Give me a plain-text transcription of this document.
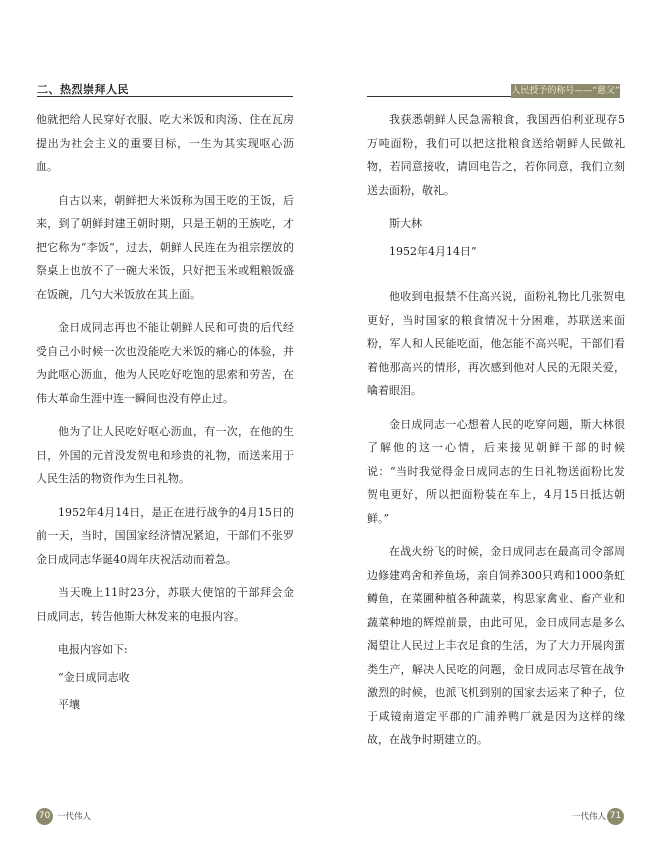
二、热烈崇拜人民

他就把给人民穿好衣服、吃大米饭和肉汤、住在瓦房提出为社会主义的重要目标，一生为其实现呕心沥血。

自古以来，朝鲜把大米饭称为国王吃的王饭，后来，到了朝鲜封建王朝时期，只是王朝的王族吃，才把它称为“李饭”，过去，朝鲜人民连在为祖宗摆放的祭桌上也放不了一碗大米饭，只好把玉米或粗粮饭盛在饭碗，几勺大米饭放在其上面。

金日成同志再也不能让朝鲜人民和可贵的后代经受自己小时候一次也没能吃大米饭的痛心的体验，并为此呕心沥血，他为人民吃好吃饱的思索和劳苦，在伟大革命生涯中连一瞬间也没有停止过。

他为了让人民吃好呕心沥血，有一次，在他的生日，外国的元首没发贺电和珍贵的礼物，而送来用于人民生活的物资作为生日礼物。

1952年4月14日，是正在进行战争的4月15日的前一天，当时，国国家经济情况紧迫，干部们不张罗金日成同志华诞40周年庆祝活动而着急。

当天晚上11时23分，苏联大使馆的干部拜会金日成同志，转告他斯大林发来的电报内容。

电报内容如下:

“金日成同志收

平壤

70 一代伟人
人民授予的称号——“慈父”

我获悉朝鲜人民急需粮食，我国西伯利亚现存5万吨面粉，我们可以把这批粮食送给朝鲜人民做礼物，若同意接收，请回电告之，若你同意，我们立刻送去面粉，敬礼。

斯大林

1952年4月14日”

他收到电报禁不住高兴说，面粉礼物比几张贺电更好，当时国家的粮食情况十分困难，苏联送来面粉，军人和人民能吃面，他怎能不高兴呢，干部们看着他那高兴的情形，再次感到他对人民的无限关爱，噙着眼泪。

金日成同志一心想着人民的吃穿问题，斯大林很了解他的这一心情，后来接见朝鲜干部的时候说：“当时我觉得金日成同志的生日礼物送面粉比发贺电更好，所以把面粉装在车上，4月15日抵达朝鲜。”

在战火纷飞的时候，金日成同志在最高司令部周边修建鸡舍和养鱼场，亲自饲养300只鸡和1000条虹鳟鱼，在菜圃种植各种蔬菜，构思家禽业、畜产业和蔬菜种地的辉煌前景，由此可见，金日成同志是多么渴望让人民过上丰衣足食的生活，为了大力开展肉蛋类生产，解决人民吃的问题，金日成同志尽管在战争激烈的时候，也派飞机到别的国家去运来了种子，位于咸镜南道定平郡的广浦养鸭厂就是因为这样的缘故，在战争时期建立的。

一代伟人 71
